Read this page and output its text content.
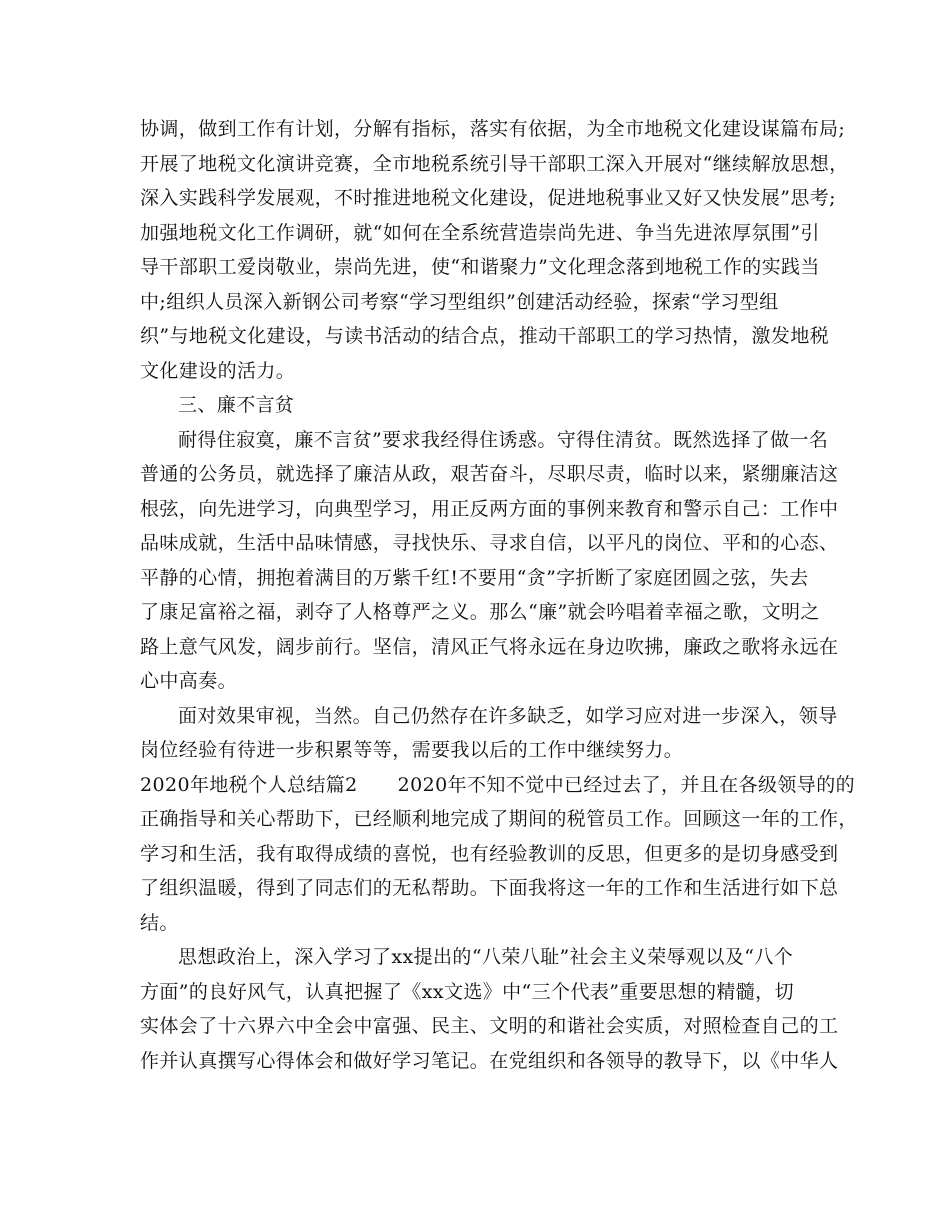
协调，做到工作有计划，分解有指标，落实有依据，为全市地税文化建设谋篇布局;
开展了地税文化演讲竞赛，全市地税系统引导干部职工深入开展对“继续解放思想，
深入实践科学发展观，不时推进地税文化建设，促进地税事业又好又快发展”思考;
加强地税文化工作调研，就“如何在全系统营造崇尚先进、争当先进浓厚氛围”引
导干部职工爱岗敬业，崇尚先进，使“和谐聚力”文化理念落到地税工作的实践当
中;组织人员深入新钢公司考察“学习型组织”创建活动经验，探索“学习型组
织”与地税文化建设，与读书活动的结合点，推动干部职工的学习热情，激发地税
文化建设的活力。
三、廉不言贫
耐得住寂寞，廉不言贫”要求我经得住诱惑。守得住清贫。既然选择了做一名
普通的公务员，就选择了廉洁从政，艰苦奋斗，尽职尽责，临时以来，紧绷廉洁这
根弦，向先进学习，向典型学习，用正反两方面的事例来教育和警示自己：工作中
品味成就，生活中品味情感，寻找快乐、寻求自信，以平凡的岗位、平和的心态、
平静的心情，拥抱着满目的万紫千红!不要用“贪”字折断了家庭团圆之弦，失去
了康足富裕之福，剥夺了人格尊严之义。那么“廉”就会吟唱着幸福之歌，文明之
路上意气风发，阔步前行。坚信，清风正气将永远在身边吹拂，廉政之歌将永远在
心中高奏。
面对效果审视，当然。自己仍然存在许多缺乏，如学习应对进一步深入，领导
岗位经验有待进一步积累等等，需要我以后的工作中继续努力。
2020年地税个人总结篇2 2020年不知不觉中已经过去了，并且在各级领导的的
正确指导和关心帮助下，已经顺利地完成了期间的税管员工作。回顾这一年的工作，
学习和生活，我有取得成绩的喜悦，也有经验教训的反思，但更多的是切身感受到
了组织温暖，得到了同志们的无私帮助。下面我将这一年的工作和生活进行如下总
结。
思想政治上，深入学习了xx提出的“八荣八耻”社会主义荣辱观以及“八个
方面”的良好风气，认真把握了《xx文选》中“三个代表”重要思想的精髓，切
实体会了十六界六中全会中富强、民主、文明的和谐社会实质，对照检查自己的工
作并认真撰写心得体会和做好学习笔记。在党组织和各领导的教导下，以《中华人
